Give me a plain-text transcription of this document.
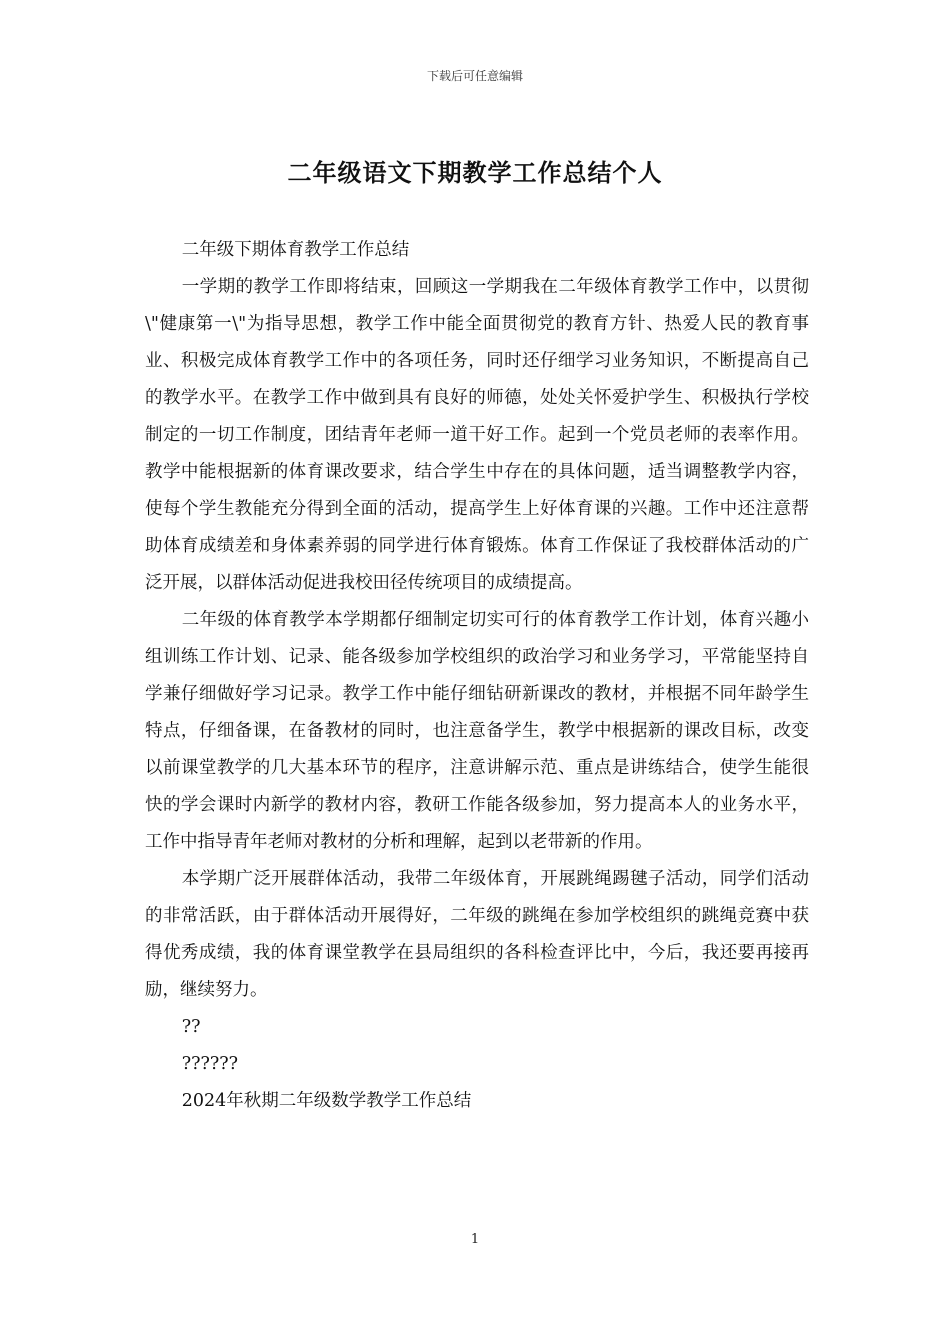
下载后可任意编辑
二年级语文下期教学工作总结个人

二年级下期体育教学工作总结

一学期的教学工作即将结束，回顾这一学期我在二年级体育教学工作中，以贯彻\"健康第一\"为指导思想，教学工作中能全面贯彻党的教育方针、热爱人民的教育事业、积极完成体育教学工作中的各项任务，同时还仔细学习业务知识，不断提高自己的教学水平。在教学工作中做到具有良好的师德，处处关怀爱护学生、积极执行学校制定的一切工作制度，团结青年老师一道干好工作。起到一个党员老师的表率作用。教学中能根据新的体育课改要求，结合学生中存在的具体问题，适当调整教学内容，使每个学生教能充分得到全面的活动，提高学生上好体育课的兴趣。工作中还注意帮助体育成绩差和身体素养弱的同学进行体育锻炼。体育工作保证了我校群体活动的广泛开展，以群体活动促进我校田径传统项目的成绩提高。

二年级的体育教学本学期都仔细制定切实可行的体育教学工作计划，体育兴趣小组训练工作计划、记录、能各级参加学校组织的政治学习和业务学习，平常能坚持自学兼仔细做好学习记录。教学工作中能仔细钻研新课改的教材，并根据不同年龄学生特点，仔细备课，在备教材的同时，也注意备学生，教学中根据新的课改目标，改变以前课堂教学的几大基本环节的程序，注意讲解示范、重点是讲练结合，使学生能很快的学会课时内新学的教材内容，教研工作能各级参加，努力提高本人的业务水平，工作中指导青年老师对教材的分析和理解，起到以老带新的作用。

本学期广泛开展群体活动，我带二年级体育，开展跳绳踢毽子活动，同学们活动的非常活跃，由于群体活动开展得好，二年级的跳绳在参加学校组织的跳绳竞赛中获得优秀成绩，我的体育课堂教学在县局组织的各科检查评比中，今后，我还要再接再励，继续努力。

??

??????

2024年秋期二年级数学教学工作总结

1
